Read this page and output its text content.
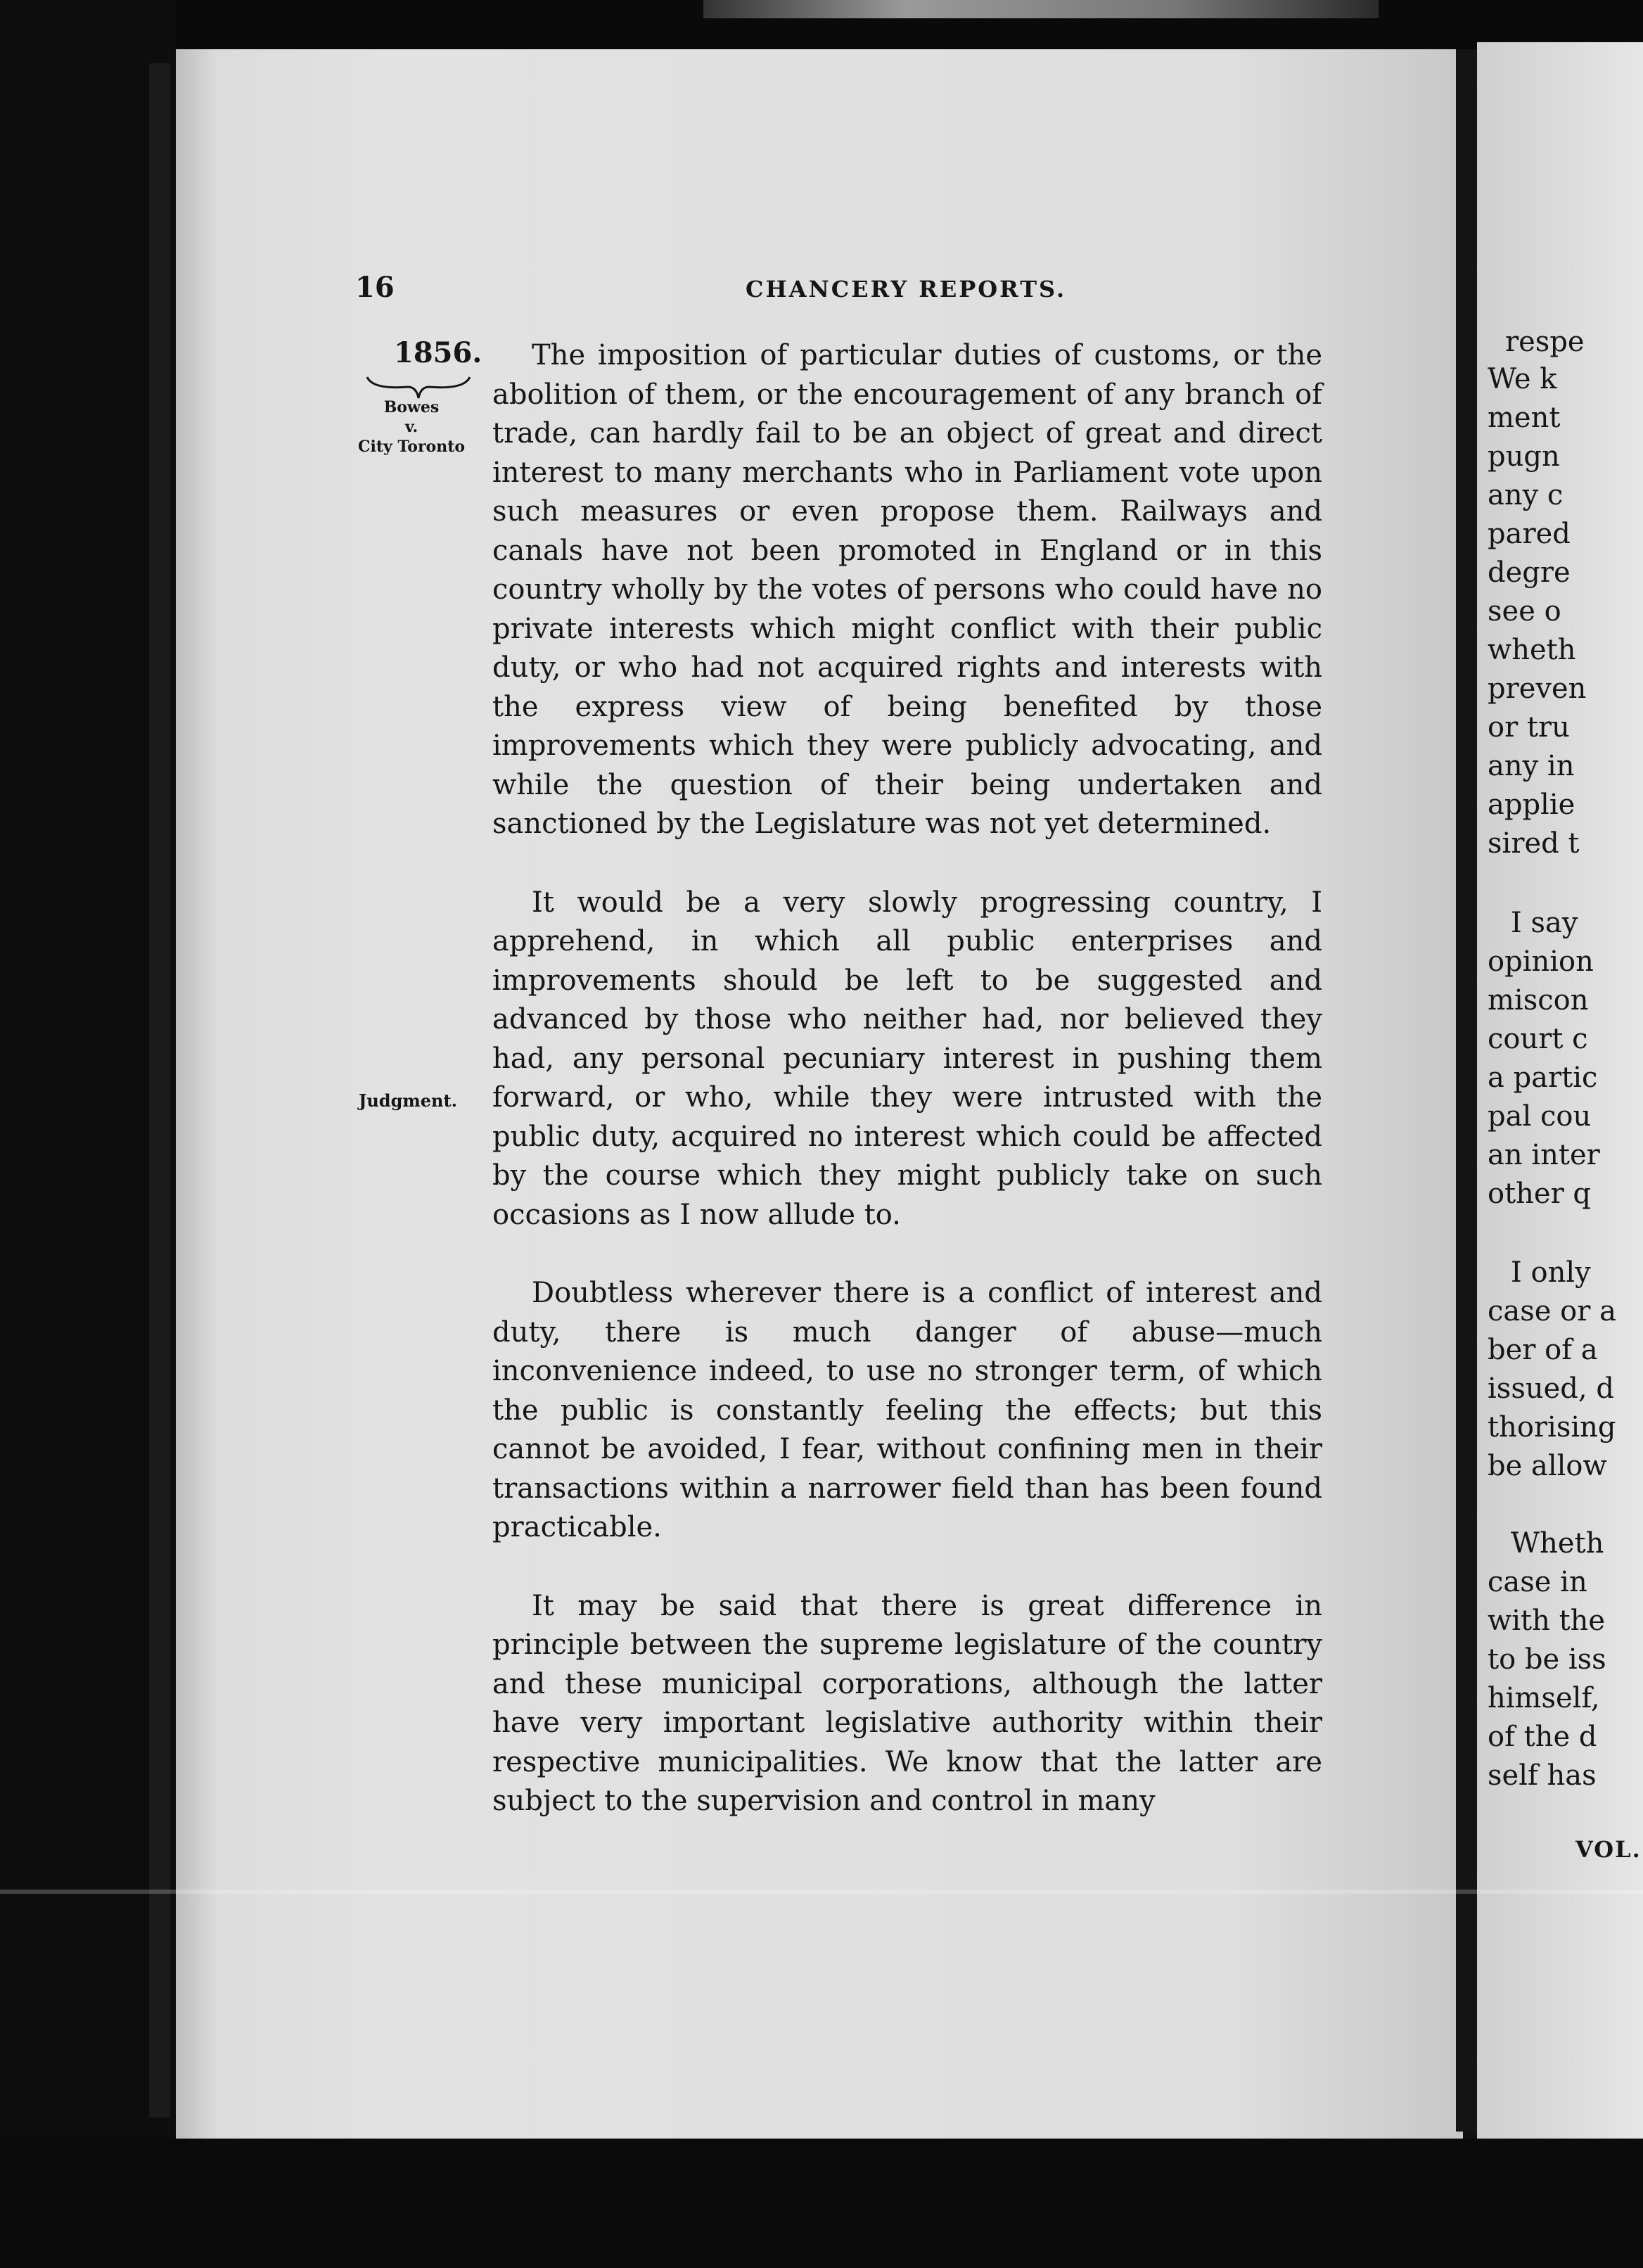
16	CHANCERY REPORTS.
1856.
Bowes
v.
City Toronto
Judgment.

The imposition of particular duties of customs, or the abolition of them, or the encouragement of any branch of trade, can hardly fail to be an object of great and direct interest to many merchants who in Parliament vote upon such measures or even propose them. Railways and canals have not been promoted in England or in this country wholly by the votes of persons who could have no private interests which might conflict with their public duty, or who had not acquired rights and interests with the express view of being benefited by those improvements which they were publicly advocating, and while the question of their being undertaken and sanctioned by the Legislature was not yet determined.

It would be a very slowly progressing country, I apprehend, in which all public enterprises and improvements should be left to be suggested and advanced by those who neither had, nor believed they had, any personal pecuniary interest in pushing them forward, or who, while they were intrusted with the public duty, acquired no interest which could be affected by the course which they might publicly take on such occasions as I now allude to.

Doubtless wherever there is a conflict of interest and duty, there is much danger of abuse—much inconvenience indeed, to use no stronger term, of which the public is constantly feeling the effects; but this cannot be avoided, I fear, without confining men in their transactions within a narrower field than has been found practicable.

It may be said that there is great difference in principle between the supreme legislature of the country and these municipal corporations, although the latter have very important legislative authority within their respective municipalities. We know that the latter are subject to the supervision and control in many

respe
We k
ment
pugn
any c
pared
degre
see o
wheth
preven
or tru
any in
applie
sired t
I say
opinion
miscon
court c
a partic
pal cou
an inter
other q
I only
case or a
ber of a
issued, d
thorising
be allow
Wheth
case in
with the
to be iss
himself,
of the d
self has
VOL.
